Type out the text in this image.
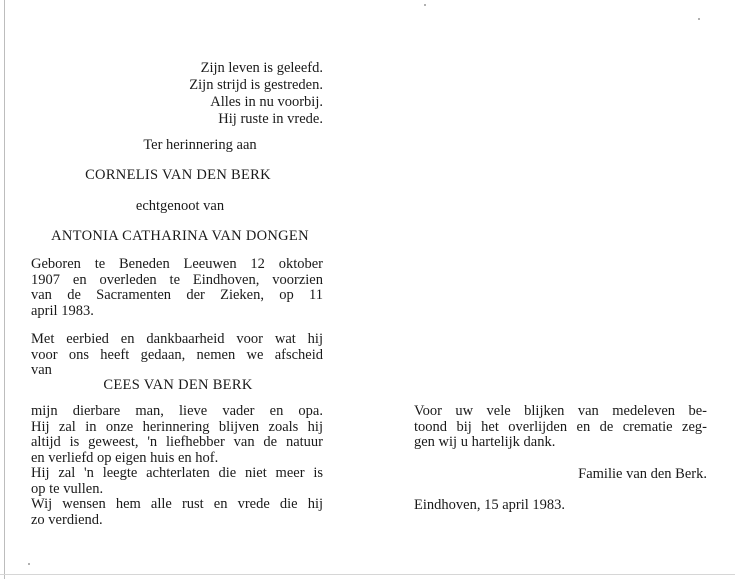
Zijn leven is geleefd.
Zijn strijd is gestreden.
Alles in nu voorbij.
Hij ruste in vrede.
Ter herinnering aan
CORNELIS VAN DEN BERK
echtgenoot van
ANTONIA CATHARINA VAN DONGEN
Geboren te Beneden Leeuwen 12 oktober
1907 en overleden te Eindhoven, voorzien
van de Sacramenten der Zieken, op 11
april 1983.
Met eerbied en dankbaarheid voor wat hij
voor ons heeft gedaan, nemen we afscheid
van
CEES VAN DEN BERK
mijn dierbare man, lieve vader en opa.
Hij zal in onze herinnering blijven zoals hij
altijd is geweest, 'n liefhebber van de natuur
en verliefd op eigen huis en hof.
Hij zal 'n leegte achterlaten die niet meer is
op te vullen.
Wij wensen hem alle rust en vrede die hij
zo verdiend.
Voor uw vele blijken van medeleven be-
toond bij het overlijden en de crematie zeg-
gen wij u hartelijk dank.
Familie van den Berk.
Eindhoven, 15 april 1983.
